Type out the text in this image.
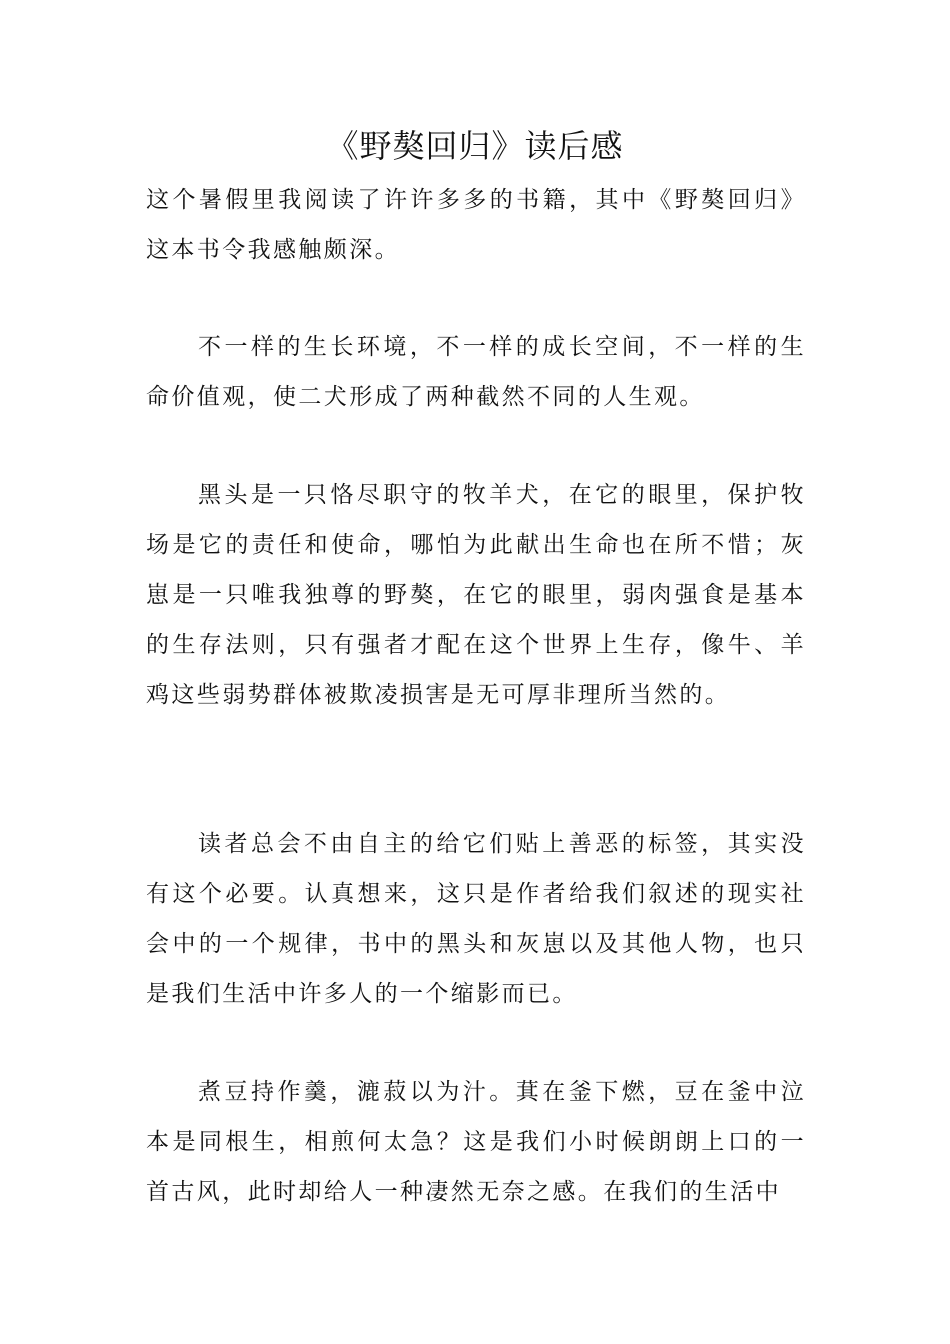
《野獒回归》读后感

这个暑假里我阅读了许许多多的书籍，其中《野獒回归》这本书令我感触颇深。

不一样的生长环境，不一样的成长空间，不一样的生命价值观，使二犬形成了两种截然不同的人生观。

黑头是一只恪尽职守的牧羊犬，在它的眼里，保护牧场是它的责任和使命，哪怕为此献出生命也在所不惜；灰崽是一只唯我独尊的野獒，在它的眼里，弱肉强食是基本的生存法则，只有强者才配在这个世界上生存，像牛、羊鸡这些弱势群体被欺凌损害是无可厚非理所当然的。

读者总会不由自主的给它们贴上善恶的标签，其实没有这个必要。认真想来，这只是作者给我们叙述的现实社会中的一个规律，书中的黑头和灰崽以及其他人物，也只是我们生活中许多人的一个缩影而已。

煮豆持作羹，漉菽以为汁。萁在釜下燃，豆在釜中泣本是同根生，相煎何太急？这是我们小时候朗朗上口的一首古风，此时却给人一种凄然无奈之感。在我们的生活中
